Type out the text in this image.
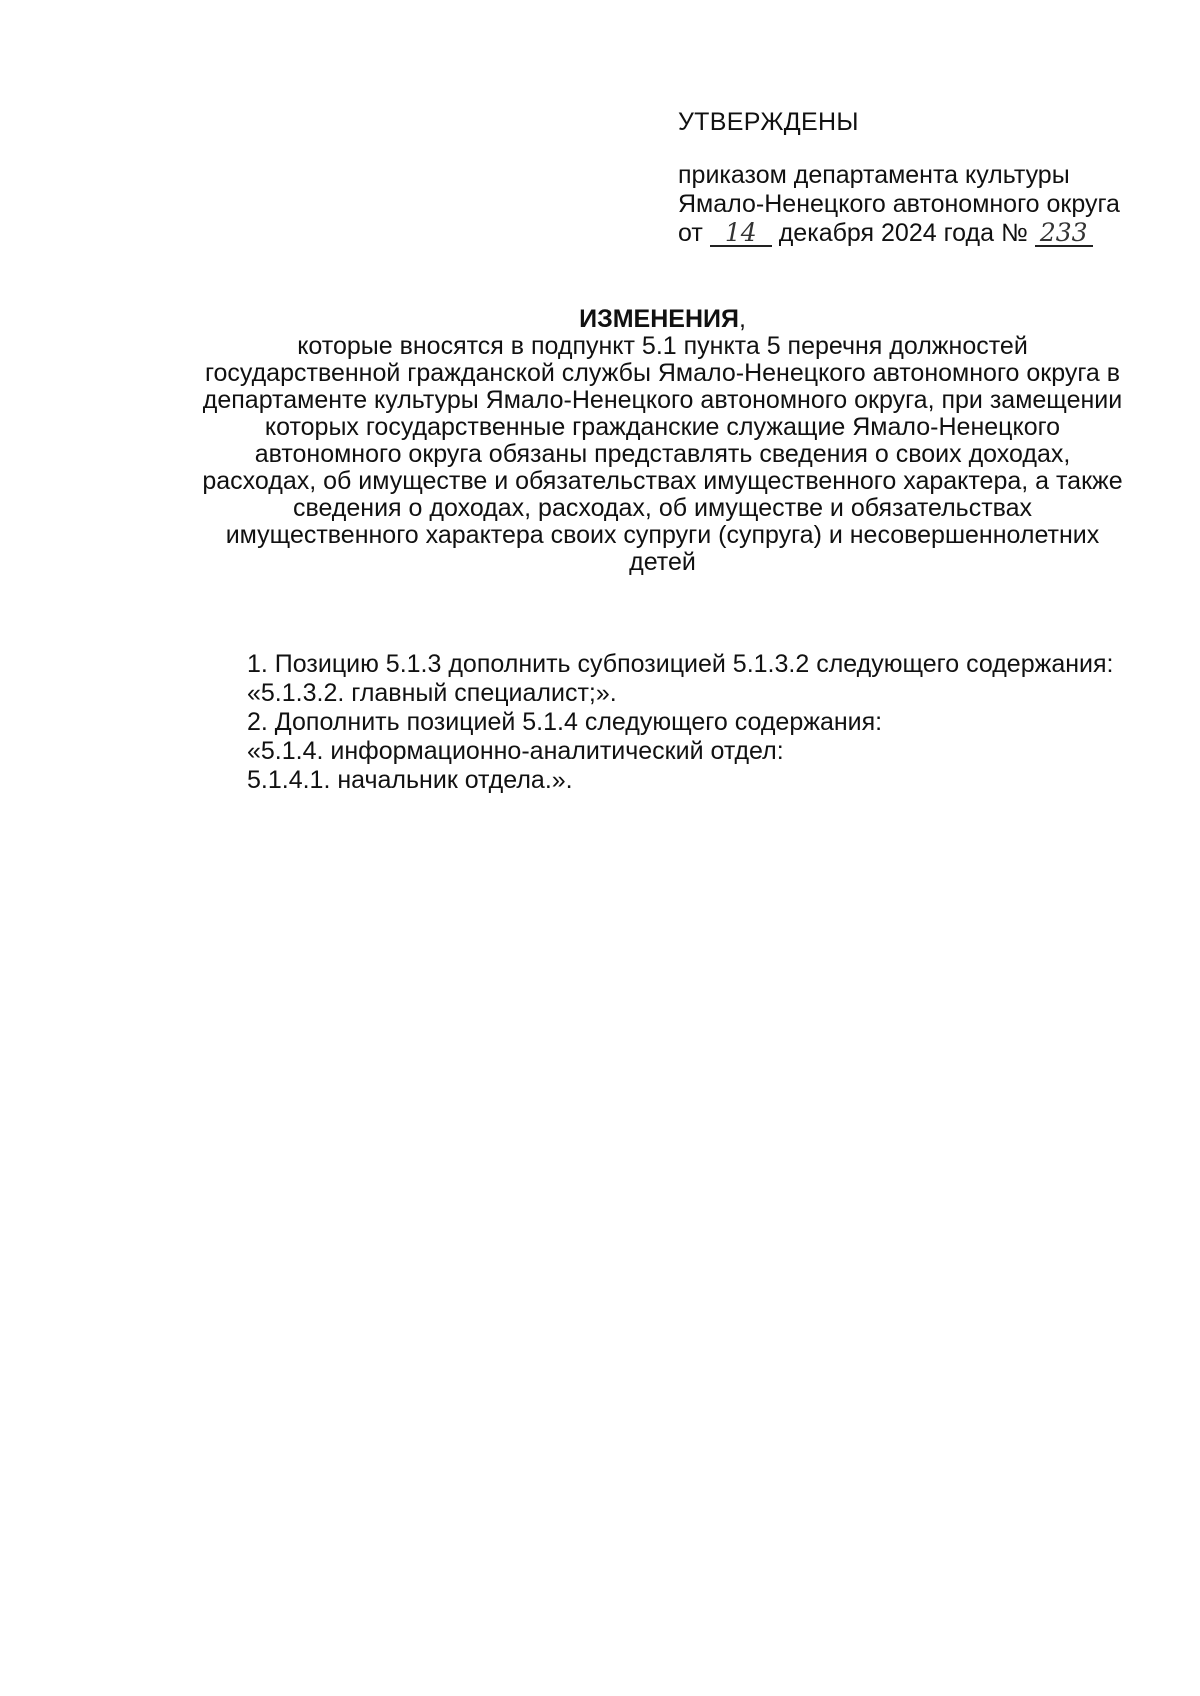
УТВЕРЖДЕНЫ

приказом департамента культуры

Ямало-Ненецкого автономного округа

от 14 декабря 2024 года № 233

ИЗМЕНЕНИЯ,

которые вносятся в подпункт 5.1 пункта 5 перечня должностей

государственной гражданской службы Ямало-Ненецкого автономного округа в

департаменте культуры Ямало-Ненецкого автономного округа, при замещении

которых государственные гражданские служащие Ямало-Ненецкого

автономного округа обязаны представлять сведения о своих доходах,

расходах, об имуществе и обязательствах имущественного характера, а также

сведения о доходах, расходах, об имуществе и обязательствах

имущественного характера своих супруги (супруга) и несовершеннолетних

детей

1. Позицию 5.1.3 дополнить субпозицией 5.1.3.2 следующего содержания:

«5.1.3.2. главный специалист;».

2. Дополнить позицией 5.1.4 следующего содержания:

«5.1.4. информационно-аналитический отдел:

5.1.4.1. начальник отдела.».
